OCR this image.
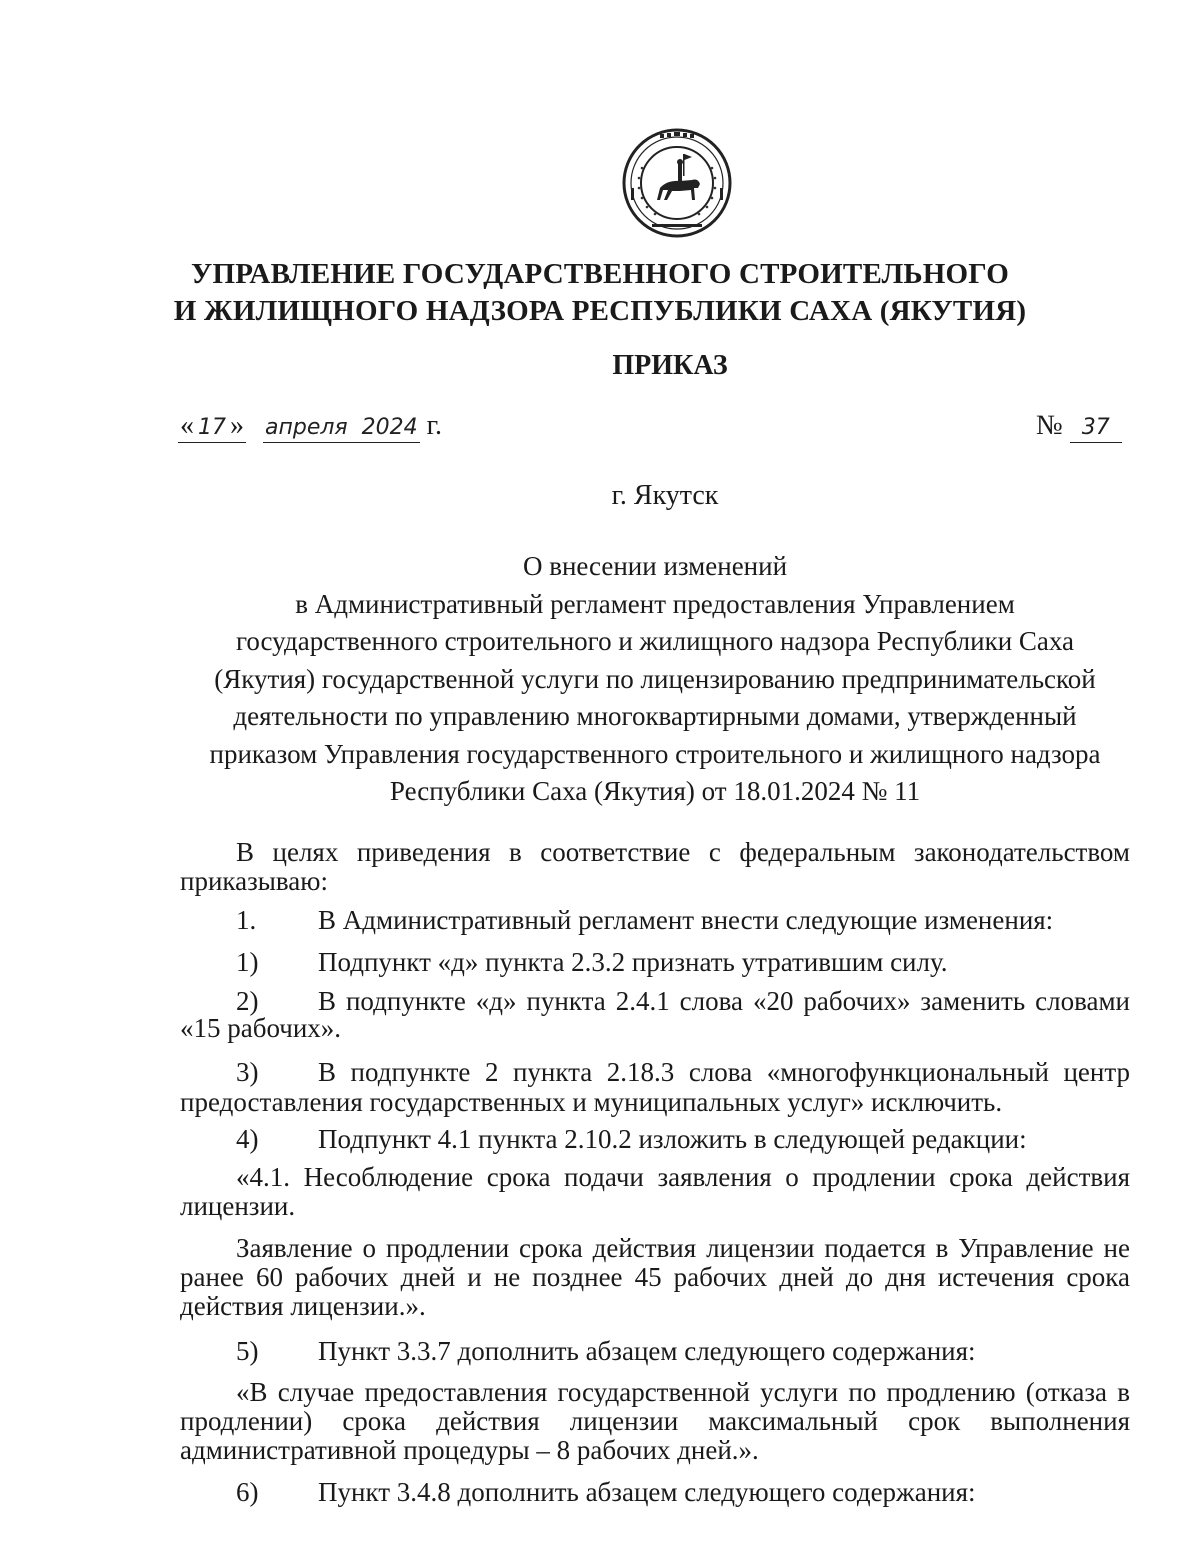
УПРАВЛЕНИЕ ГОСУДАРСТВЕННОГО СТРОИТЕЛЬНОГО
И ЖИЛИЩНОГО НАДЗОРА РЕСПУБЛИКИ САХА (ЯКУТИЯ)
ПРИКАЗ
« 17 » апреля 2024 г.	№ 37
г. Якутск
О внесении изменений
в Административный регламент предоставления Управлением
государственного строительного и жилищного надзора Республики Саха
(Якутия) государственной услуги по лицензированию предпринимательской
деятельности по управлению многоквартирными домами, утвержденный
приказом Управления государственного строительного и жилищного надзора
Республики Саха (Якутия) от 18.01.2024 № 11
В целях приведения в соответствие с федеральным законодательством приказываю:
1. В Административный регламент внести следующие изменения:
1) Подпункт «д» пункта 2.3.2 признать утратившим силу.
2) В подпункте «д» пункта 2.4.1 слова «20 рабочих» заменить словами
«15 рабочих».
3) В подпункте 2 пункта 2.18.3 слова «многофункциональный центр
предоставления государственных и муниципальных услуг» исключить.
4) Подпункт 4.1 пункта 2.10.2 изложить в следующей редакции:
«4.1. Несоблюдение срока подачи заявления о продлении срока действия лицензии.
Заявление о продлении срока действия лицензии подается в Управление не ранее 60 рабочих дней и не позднее 45 рабочих дней до дня истечения срока действия лицензии.».
5) Пункт 3.3.7 дополнить абзацем следующего содержания:
«В случае предоставления государственной услуги по продлению (отказа в продлении) срока действия лицензии максимальный срок выполнения административной процедуры – 8 рабочих дней.».
6) Пункт 3.4.8 дополнить абзацем следующего содержания:
